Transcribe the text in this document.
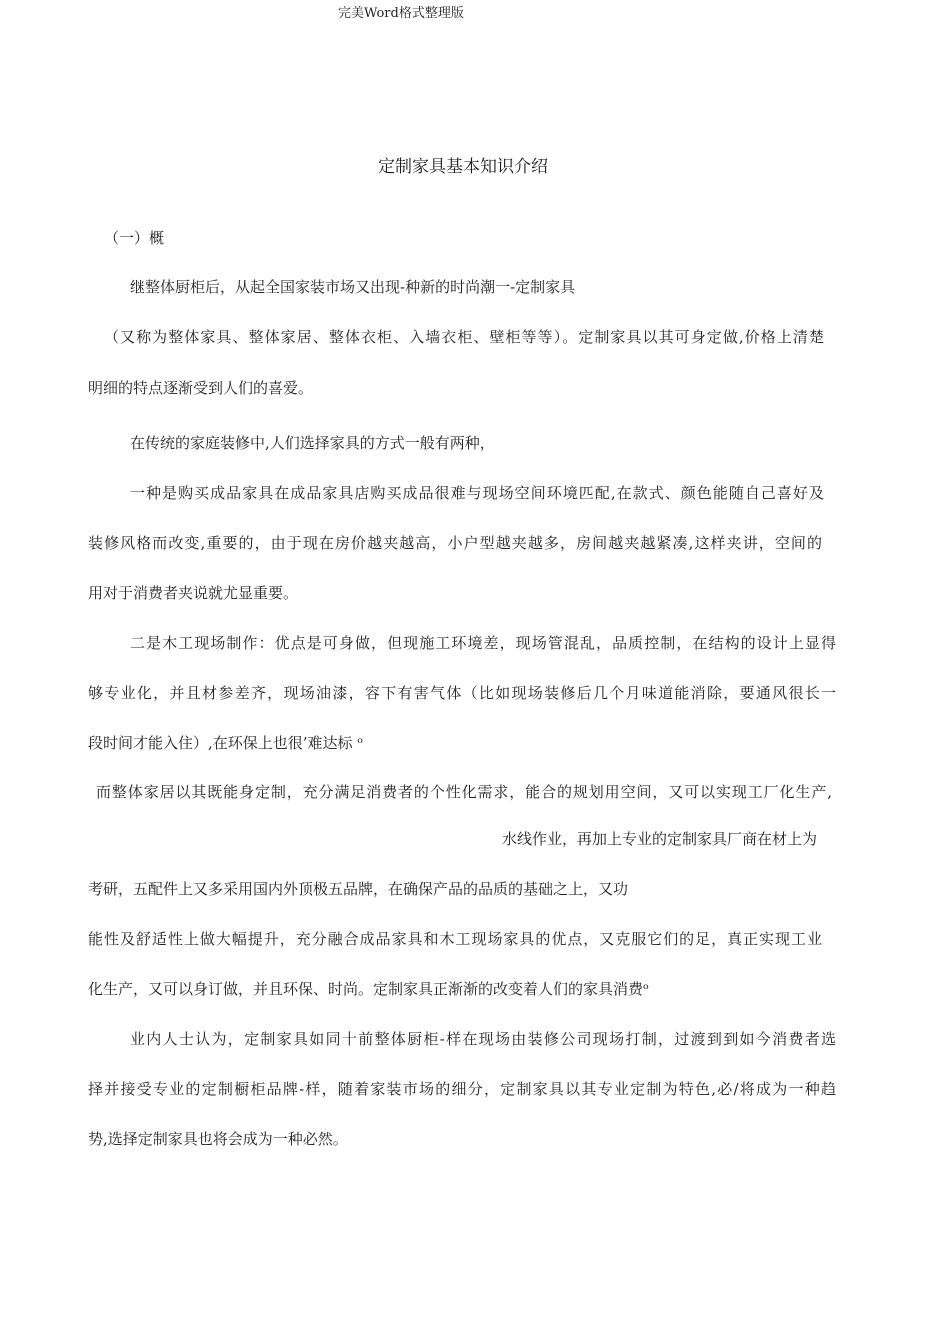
完美Word格式整理版
定制家具基本知识介绍
（一）概
继整体厨柜后，从起全国家装市场又出现-种新的时尚潮一-定制家具
（又称为整体家具、整体家居、整体衣柜、入墙衣柜、壁柜等等）。定制家具以其可身定做,价格上清楚
明细的特点逐渐受到人们的喜爱。
在传统的家庭装修中,人们选择家具的方式一般有两种，
一种是购买成品家具在成品家具店购买成品很难与现场空间环境匹配,在款式、颜色能随自己喜好及
装修风格而改变,重要的，由于现在房价越夹越高，小户型越夹越多，房间越夹越紧凑,这样夹讲，空间的
用对于消费者夹说就尤显重要。
二是木工现场制作：优点是可身做，但现施工环境差，现场管混乱，品质控制，在结构的设计上显得
够专业化，并且材参差齐，现场油漆，容下有害气体（比如现场装修后几个月味道能消除，要通风很长一
段时间才能入住）,在环保上也很’难达标 ᵒ
而整体家居以其既能身定制，充分满足消费者的个性化需求，能合的规划用空间，又可以实现工厂化生产,
水线作业，再加上专业的定制家具厂商在材上为
考研，五配件上又多采用国内外顶极五品牌，在确保产品的品质的基础之上，又功
能性及舒适性上做大幅提升，充分融合成品家具和木工现场家具的优点，又克服它们的足，真正实现工业
化生产，又可以身订做，并且环保、时尚。定制家具正渐渐的改变着人们的家具消费ᵒ
业内人士认为，定制家具如同十前整体厨柜-样在现场由装修公司现场打制，过渡到到如今消费者选
择并接受专业的定制橱柜品牌-样，随着家装市场的细分，定制家具以其专业定制为特色,必/将成为一种趋
势,选择定制家具也将会成为一种必然。
